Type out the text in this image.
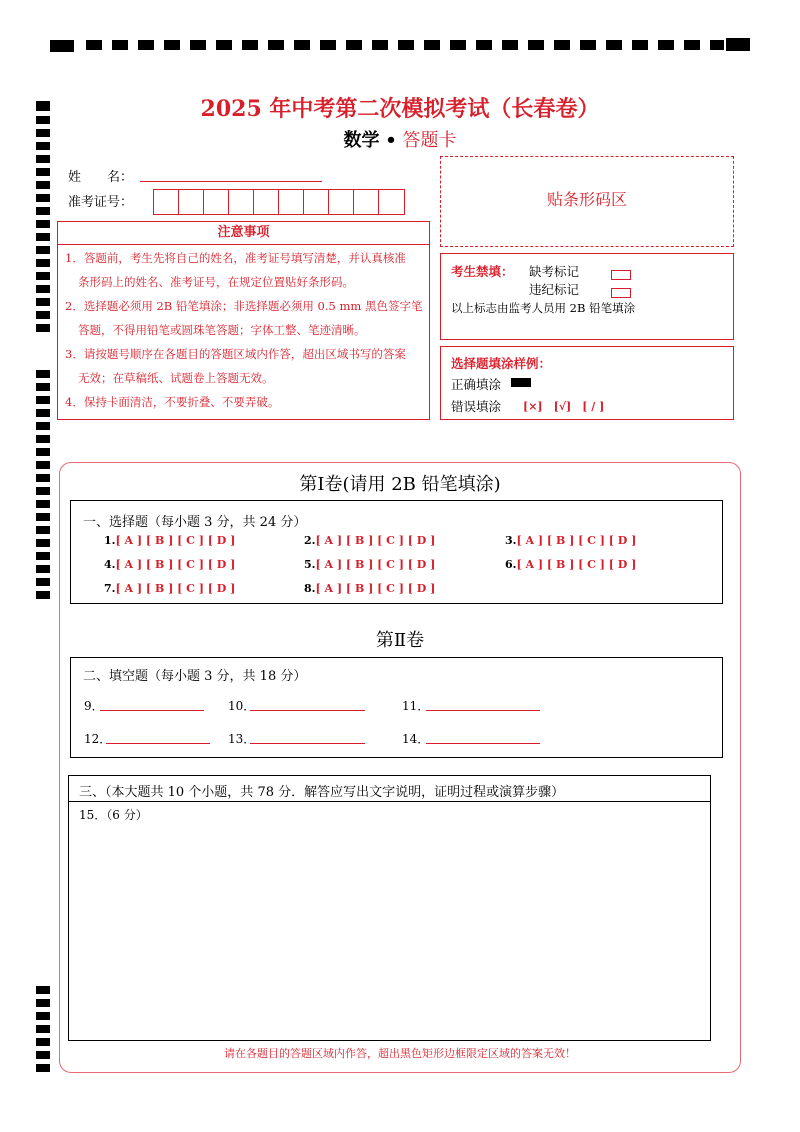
2025 年中考第二次模拟考试（长春卷）
数学 • 答题卡
姓　　名：
准考证号：	贴条形码区
注意事项
1．答题前，考生先将自己的姓名，准考证号填写清楚，并认真核准
条形码上的姓名、准考证号，在规定位置贴好条形码。
2．选择题必须用 2B 铅笔填涂；非选择题必须用 0.5 mm 黑色签字笔
答题，不得用铅笔或圆珠笔答题；字体工整、笔迹清晰。
3．请按题号顺序在各题目的答题区域内作答，超出区域书写的答案
无效；在草稿纸、试题卷上答题无效。
4．保持卡面清洁，不要折叠、不要弄破。
考生禁填： 缺考标记
违纪标记
以上标志由监考人员用 2B 铅笔填涂
选择题填涂样例：
正确填涂
错误填涂 [×]　[√]　[ / ]
第Ⅰ卷(请用 2B 铅笔填涂)
一、选择题（每小题 3 分，共 24 分）
1.[ A ] [ B ] [ C ] [ D ]	2.[ A ] [ B ] [ C ] [ D ]	3.[ A ] [ B ] [ C ] [ D ]
4.[ A ] [ B ] [ C ] [ D ]	5.[ A ] [ B ] [ C ] [ D ]	6.[ A ] [ B ] [ C ] [ D ]
7.[ A ] [ B ] [ C ] [ D ]	8.[ A ] [ B ] [ C ] [ D ]
第Ⅱ卷
二、填空题（每小题 3 分，共 18 分）
9．	10．	11．
12．	13．	14．
三、（本大题共 10 个小题，共 78 分．解答应写出文字说明，证明过程或演算步骤）
15．（6 分）
请在各题目的答题区域内作答，超出黑色矩形边框限定区域的答案无效！
